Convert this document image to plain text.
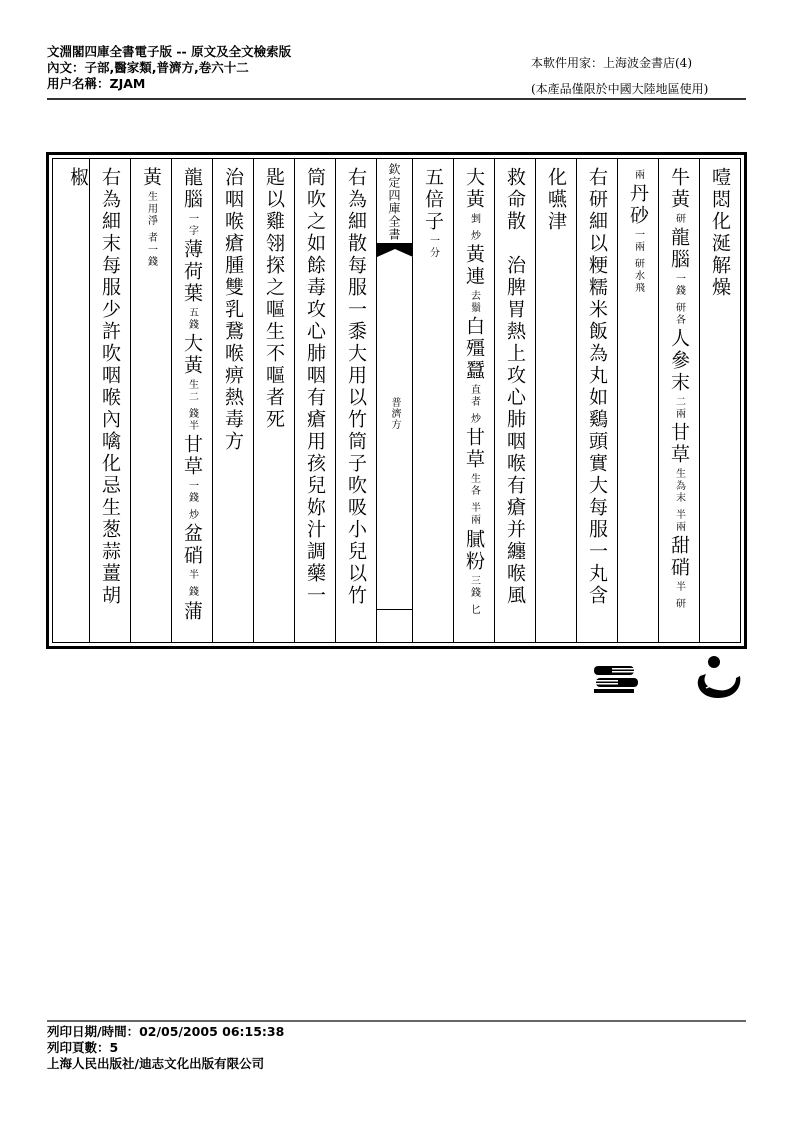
文淵閣四庫全書電子版 -- 原文及全文檢索版
內文：子部,醫家類,普濟方,卷六十二
用户名稱：ZJAM
本軟件用家：上海波金書店(4)
(本產品僅限於中國大陸地區使用)
噎悶化涎解燥
牛黃
研
龍腦
一錢 研各
人參末
二兩
甘草
生為末 半兩
甜硝
半 研
兩
丹砂
一兩 研水飛
右研細以粳糯米飯為丸如鷄頭實大每服一丸含
化嚥津
救命散　治脾胃熱上攻心肺咽喉有瘡并纏喉風
大黃
剉 炒
黃連
去鬚
白殭蠶
直者 炒
甘草
生各 半兩
膩粉
三錢 匕
五倍子
一分
欽定四庫全書
普濟方
右為細散每服一黍大用以竹筒子吹吸小兒以竹
筒吹之如餘毒攻心肺咽有瘡用孩兒妳汁調藥一
匙以雞翎探之嘔生不嘔者死
治咽喉瘡腫雙乳鵞喉痹熱毒方
龍腦
一字
薄荷葉
五錢
大黃
生二 錢半
甘草
一錢 炒
盆硝
半 錢
蒲
黃
生用淨 者一錢
右為細末每服少許吹咽喉內噙化忌生葱蒜薑胡
椒
列印日期/時間：02/05/2005 06:15:38
列印頁數：5
上海人民出版社/迪志文化出版有限公司
